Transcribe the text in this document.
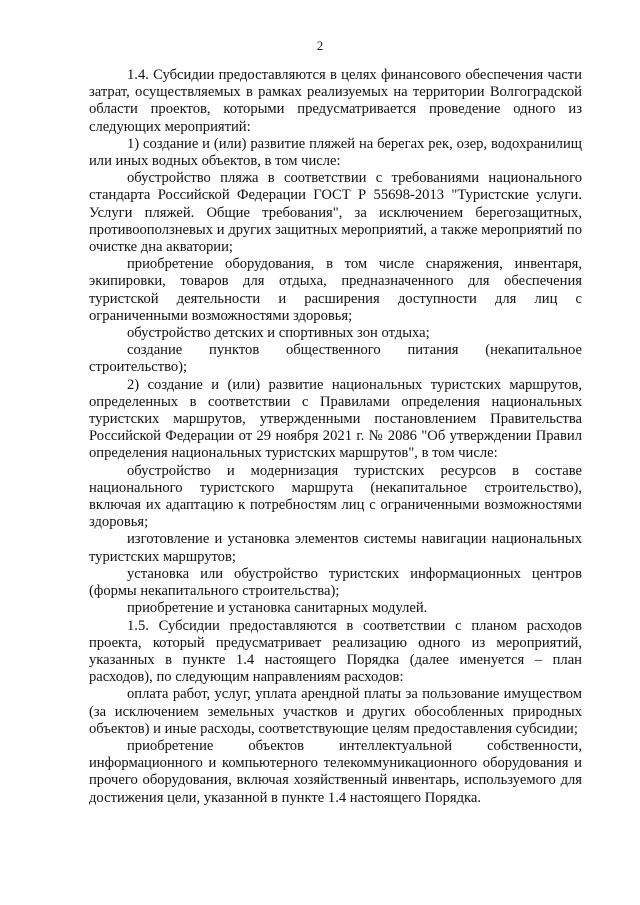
2

1.4. Субсидии предоставляются в целях финансового обеспечения части затрат, осуществляемых в рамках реализуемых на территории Волгоградской области проектов, которыми предусматривается проведение одного из следующих мероприятий:

1) создание и (или) развитие пляжей на берегах рек, озер, водохранилищ или иных водных объектов, в том числе:

обустройство пляжа в соответствии с требованиями национального стандарта Российской Федерации ГОСТ Р 55698-2013 "Туристские услуги. Услуги пляжей. Общие требования", за исключением берегозащитных, противооползневых и других защитных мероприятий, а также мероприятий по очистке дна акватории;

приобретение оборудования, в том числе снаряжения, инвентаря, экипировки, товаров для отдыха, предназначенного для обеспечения туристской деятельности и расширения доступности для лиц с ограниченными возможностями здоровья;

обустройство детских и спортивных зон отдыха;

создание пунктов общественного питания (некапитальное строительство);

2) создание и (или) развитие национальных туристских маршрутов, определенных в соответствии с Правилами определения национальных туристских маршрутов, утвержденными постановлением Правительства Российской Федерации от 29 ноября 2021 г. № 2086 "Об утверждении Правил определения национальных туристских маршрутов", в том числе:

обустройство и модернизация туристских ресурсов в составе национального туристского маршрута (некапитальное строительство), включая их адаптацию к потребностям лиц с ограниченными возможностями здоровья;

изготовление и установка элементов системы навигации национальных туристских маршрутов;

установка или обустройство туристских информационных центров (формы некапитального строительства);

приобретение и установка санитарных модулей.

1.5. Субсидии предоставляются в соответствии с планом расходов проекта, который предусматривает реализацию одного из мероприятий, указанных в пункте 1.4 настоящего Порядка (далее именуется – план расходов), по следующим направлениям расходов:

оплата работ, услуг, уплата арендной платы за пользование имуществом (за исключением земельных участков и других обособленных природных объектов) и иные расходы, соответствующие целям предоставления субсидии;

приобретение объектов интеллектуальной собственности, информационного и компьютерного телекоммуникационного оборудования и прочего оборудования, включая хозяйственный инвентарь, используемого для достижения цели, указанной в пункте 1.4 настоящего Порядка.
